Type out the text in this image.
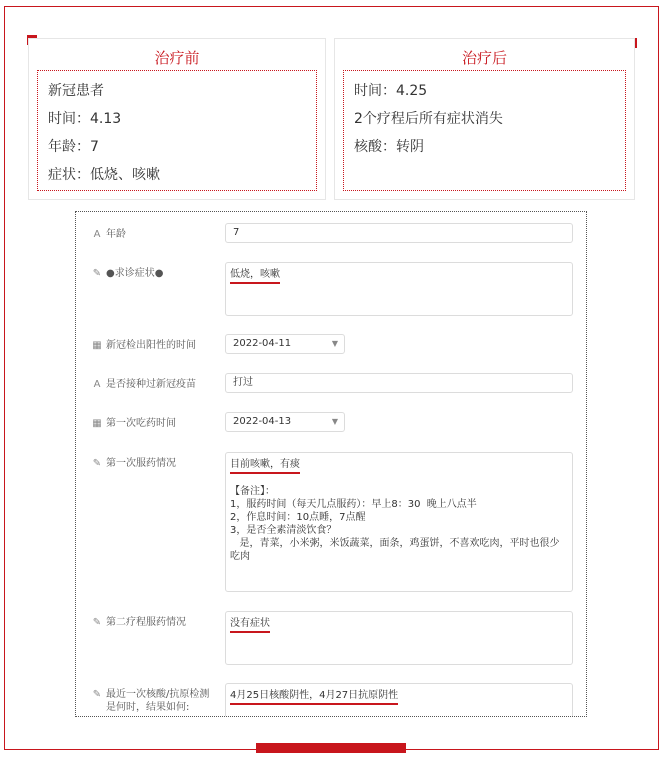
治疗前
新冠患者
时间：4.13
年龄：7
症状：低烧、咳嗽
治疗后
时间：4.25
2个疗程后所有症状消失
核酸：转阴
A 年龄	7
✎ ●求诊症状●	低烧，咳嗽
▦ 新冠检出阳性的时间	2022-04-11	▼
A 是否接种过新冠疫苗	打过
▦ 第一次吃药时间	2022-04-13	▼
✎ 第一次服药情况	目前咳嗽，有痰
【备注】：
1，服药时间（每天几点服药）：早上8：30  晚上八点半
2，作息时间：10点睡，7点醒
3，是否全素清淡饮食？
是，青菜，小米粥，米饭蔬菜，面条，鸡蛋饼，不喜欢吃肉，平时也很少吃肉
✎ 第二疗程服药情况	没有症状
✎ 最近一次核酸/抗原检测
是何时，结果如何:
4月25日核酸阴性，4月27日抗原阴性
